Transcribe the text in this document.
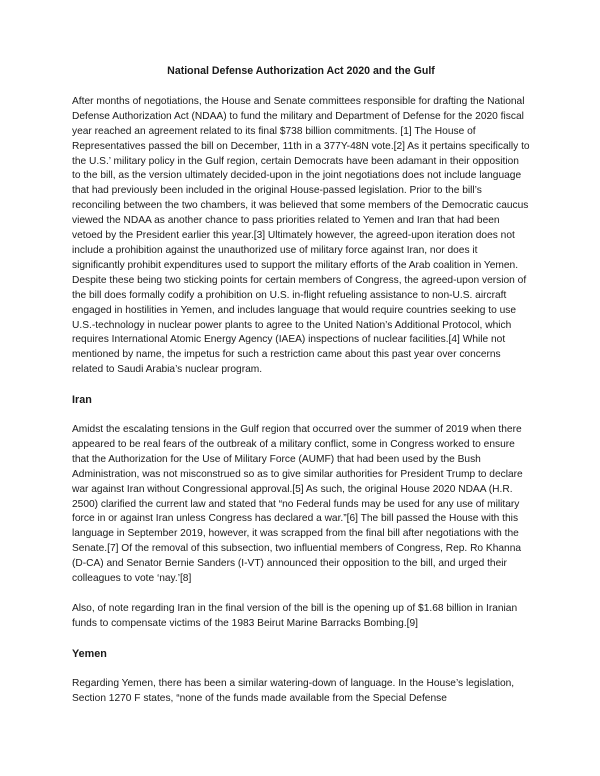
National Defense Authorization Act 2020 and the Gulf

After months of negotiations, the House and Senate committees responsible for drafting the National Defense Authorization Act (NDAA) to fund the military and Department of Defense for the 2020 fiscal year reached an agreement related to its final $738 billion commitments. [1] The House of Representatives passed the bill on December, 11th in a 377Y-48N vote.[2] As it pertains specifically to the U.S.’ military policy in the Gulf region, certain Democrats have been adamant in their opposition to the bill, as the version ultimately decided-upon in the joint negotiations does not include language that had previously been included in the original House-passed legislation. Prior to the bill’s reconciling between the two chambers, it was believed that some members of the Democratic caucus viewed the NDAA as another chance to pass priorities related to Yemen and Iran that had been vetoed by the President earlier this year.[3] Ultimately however, the agreed-upon iteration does not include a prohibition against the unauthorized use of military force against Iran, nor does it significantly prohibit expenditures used to support the military efforts of the Arab coalition in Yemen. Despite these being two sticking points for certain members of Congress, the agreed-upon version of the bill does formally codify a prohibition on U.S. in-flight refueling assistance to non-U.S. aircraft engaged in hostilities in Yemen, and includes language that would require countries seeking to use U.S.-technology in nuclear power plants to agree to the United Nation’s Additional Protocol, which requires International Atomic Energy Agency (IAEA) inspections of nuclear facilities.[4] While not mentioned by name, the impetus for such a restriction came about this past year over concerns related to Saudi Arabia’s nuclear program.

Iran

Amidst the escalating tensions in the Gulf region that occurred over the summer of 2019 when there appeared to be real fears of the outbreak of a military conflict, some in Congress worked to ensure that the Authorization for the Use of Military Force (AUMF) that had been used by the Bush Administration, was not misconstrued so as to give similar authorities for President Trump to declare war against Iran without Congressional approval.[5] As such, the original House 2020 NDAA (H.R. 2500) clarified the current law and stated that “no Federal funds may be used for any use of military force in or against Iran unless Congress has declared a war.”[6] The bill passed the House with this language in September 2019, however, it was scrapped from the final bill after negotiations with the Senate.[7] Of the removal of this subsection, two influential members of Congress, Rep. Ro Khanna (D-CA) and Senator Bernie Sanders (I-VT) announced their opposition to the bill, and urged their colleagues to vote ‘nay.’[8]

Also, of note regarding Iran in the final version of the bill is the opening up of $1.68 billion in Iranian funds to compensate victims of the 1983 Beirut Marine Barracks Bombing.[9]

Yemen

Regarding Yemen, there has been a similar watering-down of language. In the House’s legislation, Section 1270 F states, “none of the funds made available from the Special Defense
